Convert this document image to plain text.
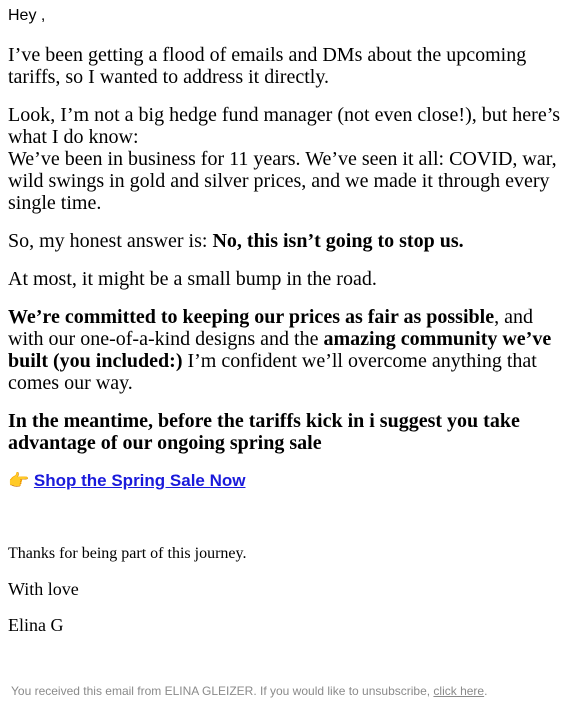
Hey ,

I’ve been getting a flood of emails and DMs about the upcoming tariffs, so I wanted to address it directly.

Look, I’m not a big hedge fund manager (not even close!), but here’s what I do know:
We’ve been in business for 11 years. We’ve seen it all: COVID, war, wild swings in gold and silver prices, and we made it through every single time.

So, my honest answer is: No, this isn’t going to stop us.

At most, it might be a small bump in the road.

We’re committed to keeping our prices as fair as possible, and with our one-of-a-kind designs and the amazing community we’ve built (you included:) I’m confident we’ll overcome anything that comes our way.

In the meantime, before the tariffs kick in i suggest you take advantage of our ongoing spring sale

👉 Shop the Spring Sale Now

Thanks for being part of this journey.

With love

Elina G

You received this email from ELINA GLEIZER. If you would like to unsubscribe, click here.
